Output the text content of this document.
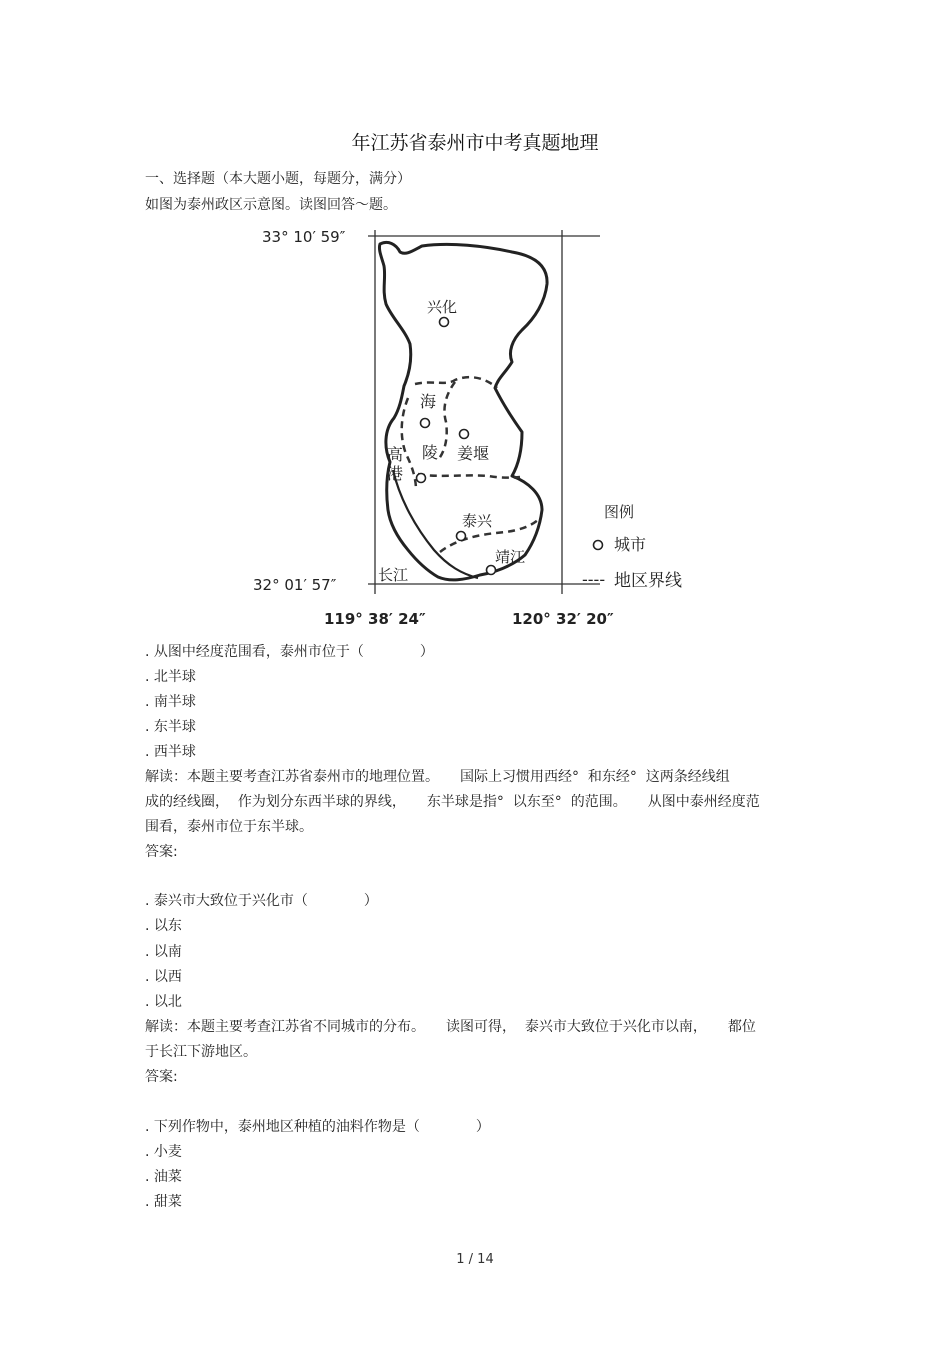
年江苏省泰州市中考真题地理
一、选择题（本大题小题，每题分，满分）
如图为泰州政区示意图。读图回答～题。
33° 10′ 59″
32° 01′ 57″
119° 38′ 24″	120° 32′ 20″
兴化
海
陵 姜堰
高
港
泰兴
靖江
长江
图例
城市
---- 地区界线
. 从图中经度范围看，泰州市位于（　　　　）
. 北半球
. 南半球
. 东半球
. 西半球
解读：本题主要考查江苏省泰州市的地理位置。　　国际上习惯用西经°  和东经°  这两条经线组
成的经线圈，  作为划分东西半球的界线，　　东半球是指°  以东至°  的范围。　　从图中泰州经度范
围看，泰州市位于东半球。
答案:
. 泰兴市大致位于兴化市（　　　　）
. 以东
. 以南
. 以西
. 以北
解读：本题主要考查江苏省不同城市的分布。　　读图可得，  泰兴市大致位于兴化市以南，　　都位
于长江下游地区。
答案:
. 下列作物中，泰州地区种植的油料作物是（　　　　）
. 小麦
. 油菜
. 甜菜
1 / 14
